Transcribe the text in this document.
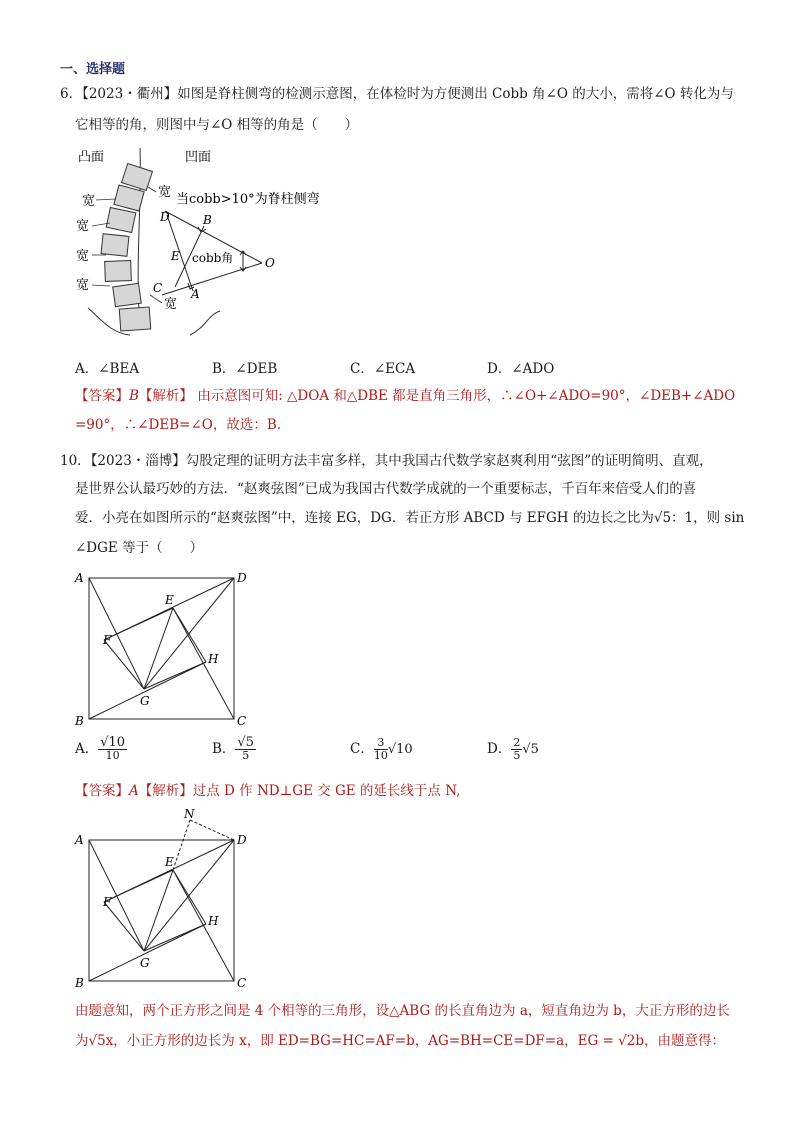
一、选择题
6．【2023・衢州】如图是脊柱侧弯的检测示意图，在体检时为方便测出 Cobb 角∠O 的大小，需将∠O 转化为与
它相等的角，则图中与∠O 相等的角是（　　）
凸面	凹面
宽
宽
宽
宽
宽
宽
当cobb>10°为脊柱侧弯
D	B
E
C A
O
cobb角
A．∠BEA	B．∠DEB	C．∠ECA	D．∠ADO
【答案】B【解析】 由示意图可知: △DOA 和△DBE 都是直角三角形，∴∠O+∠ADO=90°，∠DEB+∠ADO
=90°，∴∠DEB=∠O，故选：B.
10．【2023・淄博】勾股定理的证明方法丰富多样，其中我国古代数学家赵爽利用“弦图”的证明简明、直观，
是世界公认最巧妙的方法．“赵爽弦图”已成为我国古代数学成就的一个重要标志，千百年来倍受人们的喜
爱．小亮在如图所示的“赵爽弦图”中，连接 EG，DG．若正方形 ABCD 与 EFGH 的边长之比为√5：1，则 sin
∠DGE 等于（　　）
A	D
E
F
H
G
B	C
A． $\frac{√10}{10}$	B． $\frac{√5}{5}$	C． $\frac{3}{10} √10$	D． $\frac{2}{5} √5$
【答案】A【解析】过点 D 作 ND⊥GE 交 GE 的延长线于点 N,
N
A	D
E
F
H
G
B	C
由题意知，两个正方形之间是 4 个相等的三角形，设△ABG 的长直角边为 a，短直角边为 b，大正方形的边长
为√5x，小正方形的边长为 x，即 ED=BG=HC=AF=b，AG=BH=CE=DF=a，EG = √2b，由题意得：
